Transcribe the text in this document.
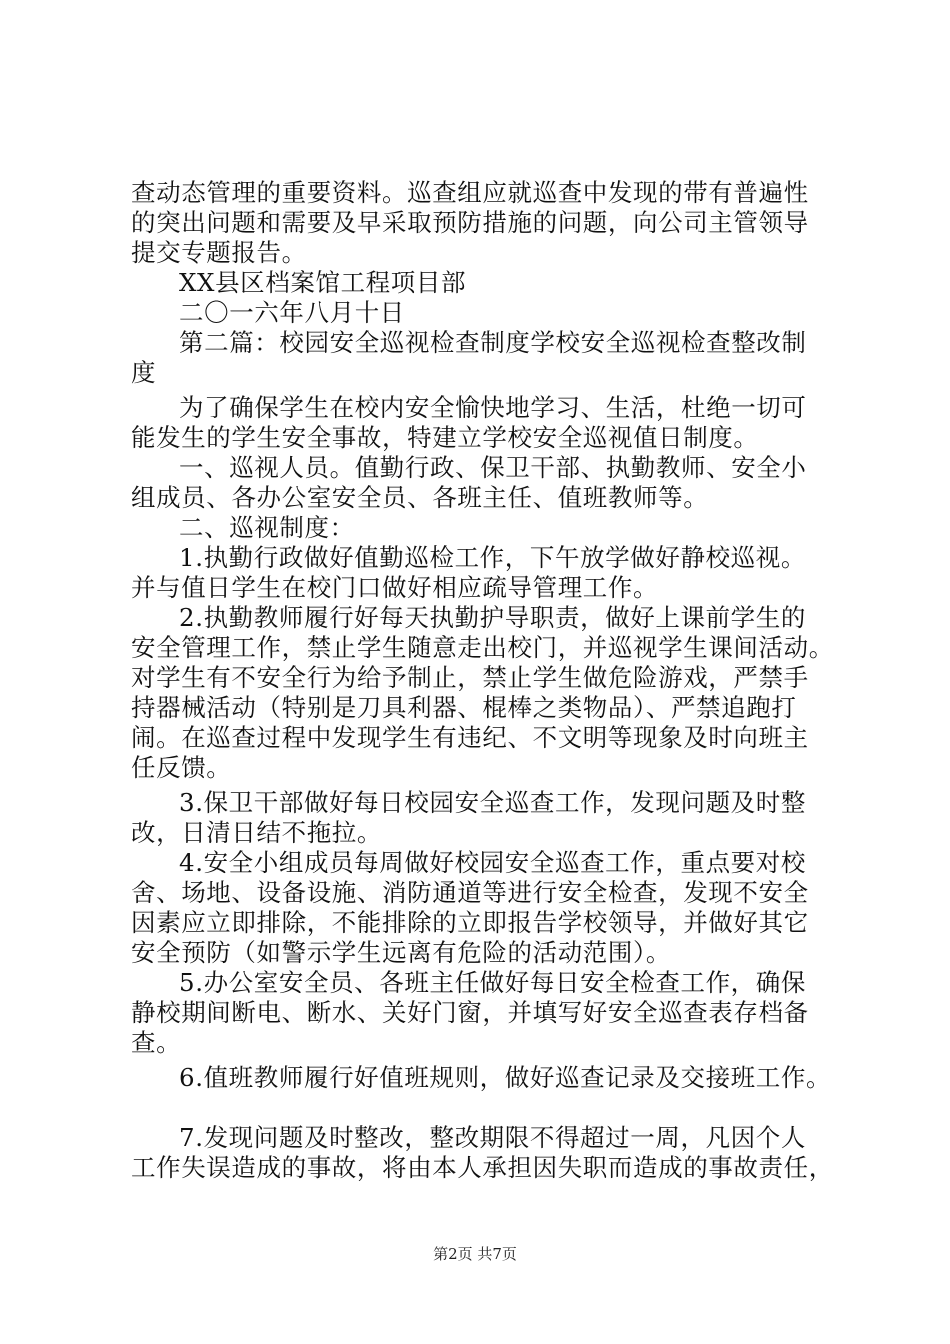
查动态管理的重要资料。巡查组应就巡查中发现的带有普遍性
的突出问题和需要及早采取预防措施的问题，向公司主管领导
提交专题报告。
XX县区档案馆工程项目部
二〇一六年八月十日
第二篇：校园安全巡视检查制度学校安全巡视检查整改制
度
为了确保学生在校内安全愉快地学习、生活，杜绝一切可
能发生的学生安全事故，特建立学校安全巡视值日制度。
一、巡视人员。值勤行政、保卫干部、执勤教师、安全小
组成员、各办公室安全员、各班主任、值班教师等。
二、巡视制度：
1.执勤行政做好值勤巡检工作，下午放学做好静校巡视。
并与值日学生在校门口做好相应疏导管理工作。
2.执勤教师履行好每天执勤护导职责，做好上课前学生的
安全管理工作，禁止学生随意走出校门，并巡视学生课间活动。
对学生有不安全行为给予制止，禁止学生做危险游戏，严禁手
持器械活动（特别是刀具利器、棍棒之类物品）、严禁追跑打
闹。在巡查过程中发现学生有违纪、不文明等现象及时向班主
任反馈。
3.保卫干部做好每日校园安全巡查工作，发现问题及时整
改，日清日结不拖拉。
4.安全小组成员每周做好校园安全巡查工作，重点要对校
舍、场地、设备设施、消防通道等进行安全检查，发现不安全
因素应立即排除，不能排除的立即报告学校领导，并做好其它
安全预防（如警示学生远离有危险的活动范围）。
5.办公室安全员、各班主任做好每日安全检查工作，确保
静校期间断电、断水、关好门窗，并填写好安全巡查表存档备
查。
6.值班教师履行好值班规则，做好巡查记录及交接班工作。
7.发现问题及时整改，整改期限不得超过一周，凡因个人
工作失误造成的事故，将由本人承担因失职而造成的事故责任，
第2页 共7页
